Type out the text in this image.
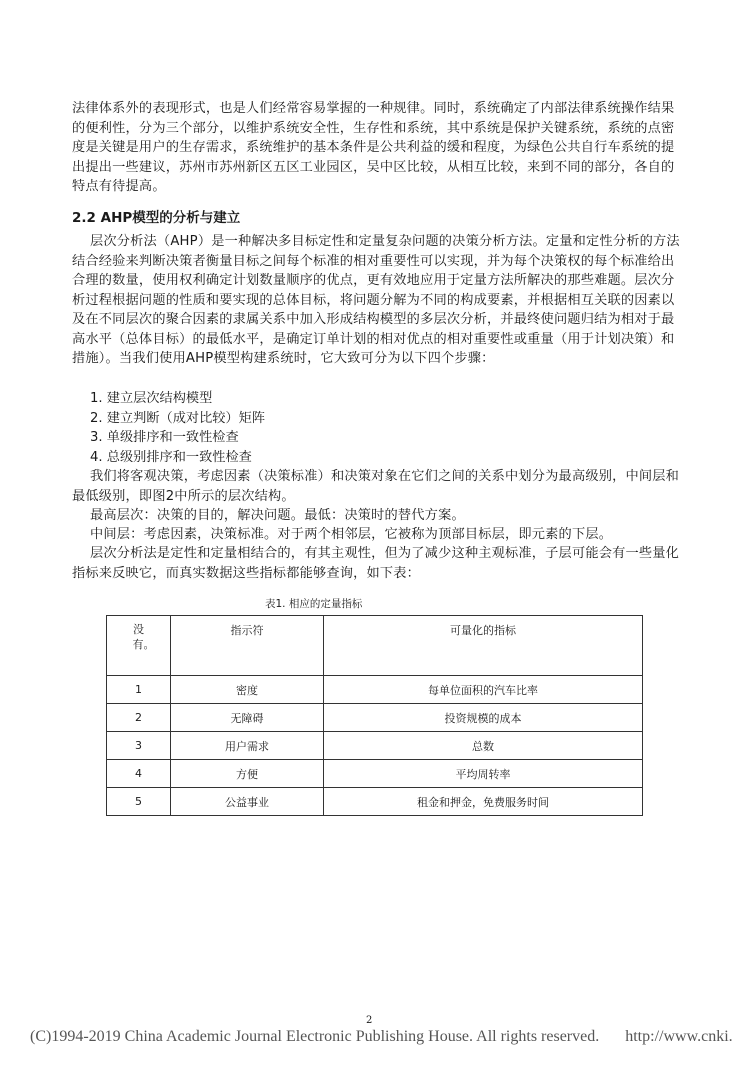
法律体系外的表现形式，也是人们经常容易掌握的一种规律。同时，系统确定了内部法律系统操作结果的便利性，分为三个部分，以维护系统安全性，生存性和系统，其中系统是保护关键系统，系统的点密度是关键是用户的生存需求，系统维护的基本条件是公共利益的缓和程度，为绿色公共自行车系统的提出提出一些建议，苏州市苏州新区五区工业园区，吴中区比较，从相互比较，来到不同的部分，各自的特点有待提高。

2.2 AHP模型的分析与建立

层次分析法（AHP）是一种解决多目标定性和定量复杂问题的决策分析方法。定量和定性分析的方法结合经验来判断决策者衡量目标之间每个标准的相对重要性可以实现，并为每个决策权的每个标准给出合理的数量，使用权利确定计划数量顺序的优点，更有效地应用于定量方法所解决的那些难题。层次分析过程根据问题的性质和要实现的总体目标，将问题分解为不同的构成要素，并根据相互关联的因素以及在不同层次的聚合因素的隶属关系中加入形成结构模型的多层次分析，并最终使问题归结为相对于最高水平（总体目标）的最低水平，是确定订单计划的相对优点的相对重要性或重量（用于计划决策）和措施）。当我们使用AHP模型构建系统时，它大致可分为以下四个步骤：

1. 建立层次结构模型
2. 建立判断（成对比较）矩阵
3. 单级排序和一致性检查
4. 总级别排序和一致性检查

我们将客观决策，考虑因素（决策标准）和决策对象在它们之间的关系中划分为最高级别，中间层和最低级别，即图2中所示的层次结构。

最高层次：决策的目的，解决问题。最低：决策时的替代方案。

中间层：考虑因素，决策标准。对于两个相邻层，它被称为顶部目标层，即元素的下层。

层次分析法是定性和定量相结合的，有其主观性，但为了减少这种主观标准，子层可能会有一些量化指标来反映它，而真实数据这些指标都能够查询，如下表：

表1. 相应的定量指标

没有。	指示符	可量化的指标
1	密度	每单位面积的汽车比率
2	无障碍	投资规模的成本
3	用户需求	总数
4	方便	平均周转率
5	公益事业	租金和押金，免费服务时间

2

(C)1994-2019 China Academic Journal Electronic Publishing House. All rights reserved. http://www.cnki.
